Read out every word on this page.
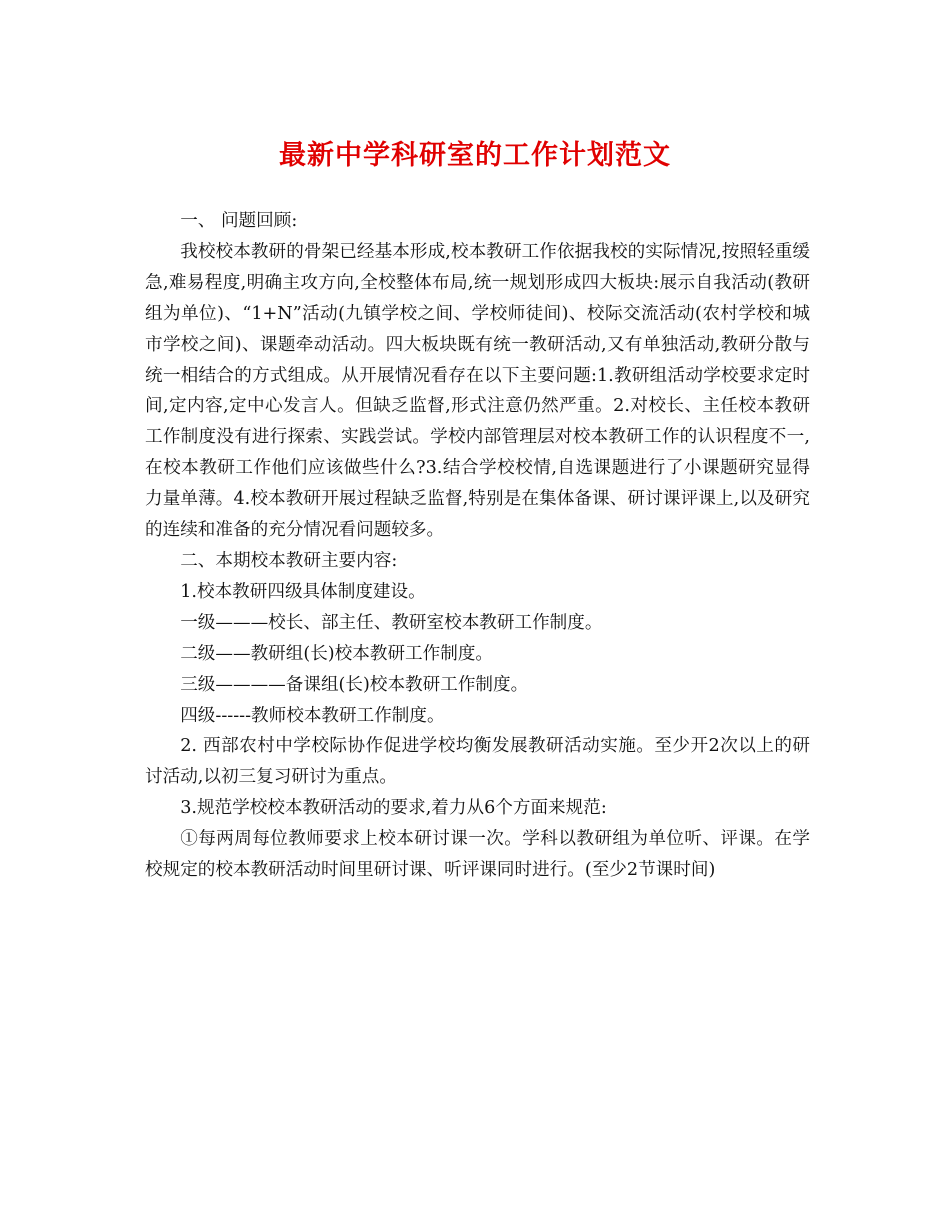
最新中学科研室的工作计划范文

一、 问题回顾:

我校校本教研的骨架已经基本形成,校本教研工作依据我校的实际情况,按照轻重缓急,难易程度,明确主攻方向,全校整体布局,统一规划形成四大板块:展示自我活动(教研组为单位)、“1+N”活动(九镇学校之间、学校师徒间)、校际交流活动(农村学校和城市学校之间)、课题牵动活动。四大板块既有统一教研活动,又有单独活动,教研分散与统一相结合的方式组成。从开展情况看存在以下主要问题:1.教研组活动学校要求定时间,定内容,定中心发言人。但缺乏监督,形式注意仍然严重。2.对校长、主任校本教研工作制度没有进行探索、实践尝试。学校内部管理层对校本教研工作的认识程度不一,在校本教研工作他们应该做些什么?3.结合学校校情,自选课题进行了小课题研究显得力量单薄。4.校本教研开展过程缺乏监督,特别是在集体备课、研讨课评课上,以及研究的连续和准备的充分情况看问题较多。

二、本期校本教研主要内容:

1.校本教研四级具体制度建设。

一级———校长、部主任、教研室校本教研工作制度。

二级——教研组(长)校本教研工作制度。

三级————备课组(长)校本教研工作制度。

四级------教师校本教研工作制度。

2. 西部农村中学校际协作促进学校均衡发展教研活动实施。至少开2次以上的研讨活动,以初三复习研讨为重点。

3.规范学校校本教研活动的要求,着力从6个方面来规范:

①每两周每位教师要求上校本研讨课一次。学科以教研组为单位听、评课。在学校规定的校本教研活动时间里研讨课、听评课同时进行。(至少2节课时间)
